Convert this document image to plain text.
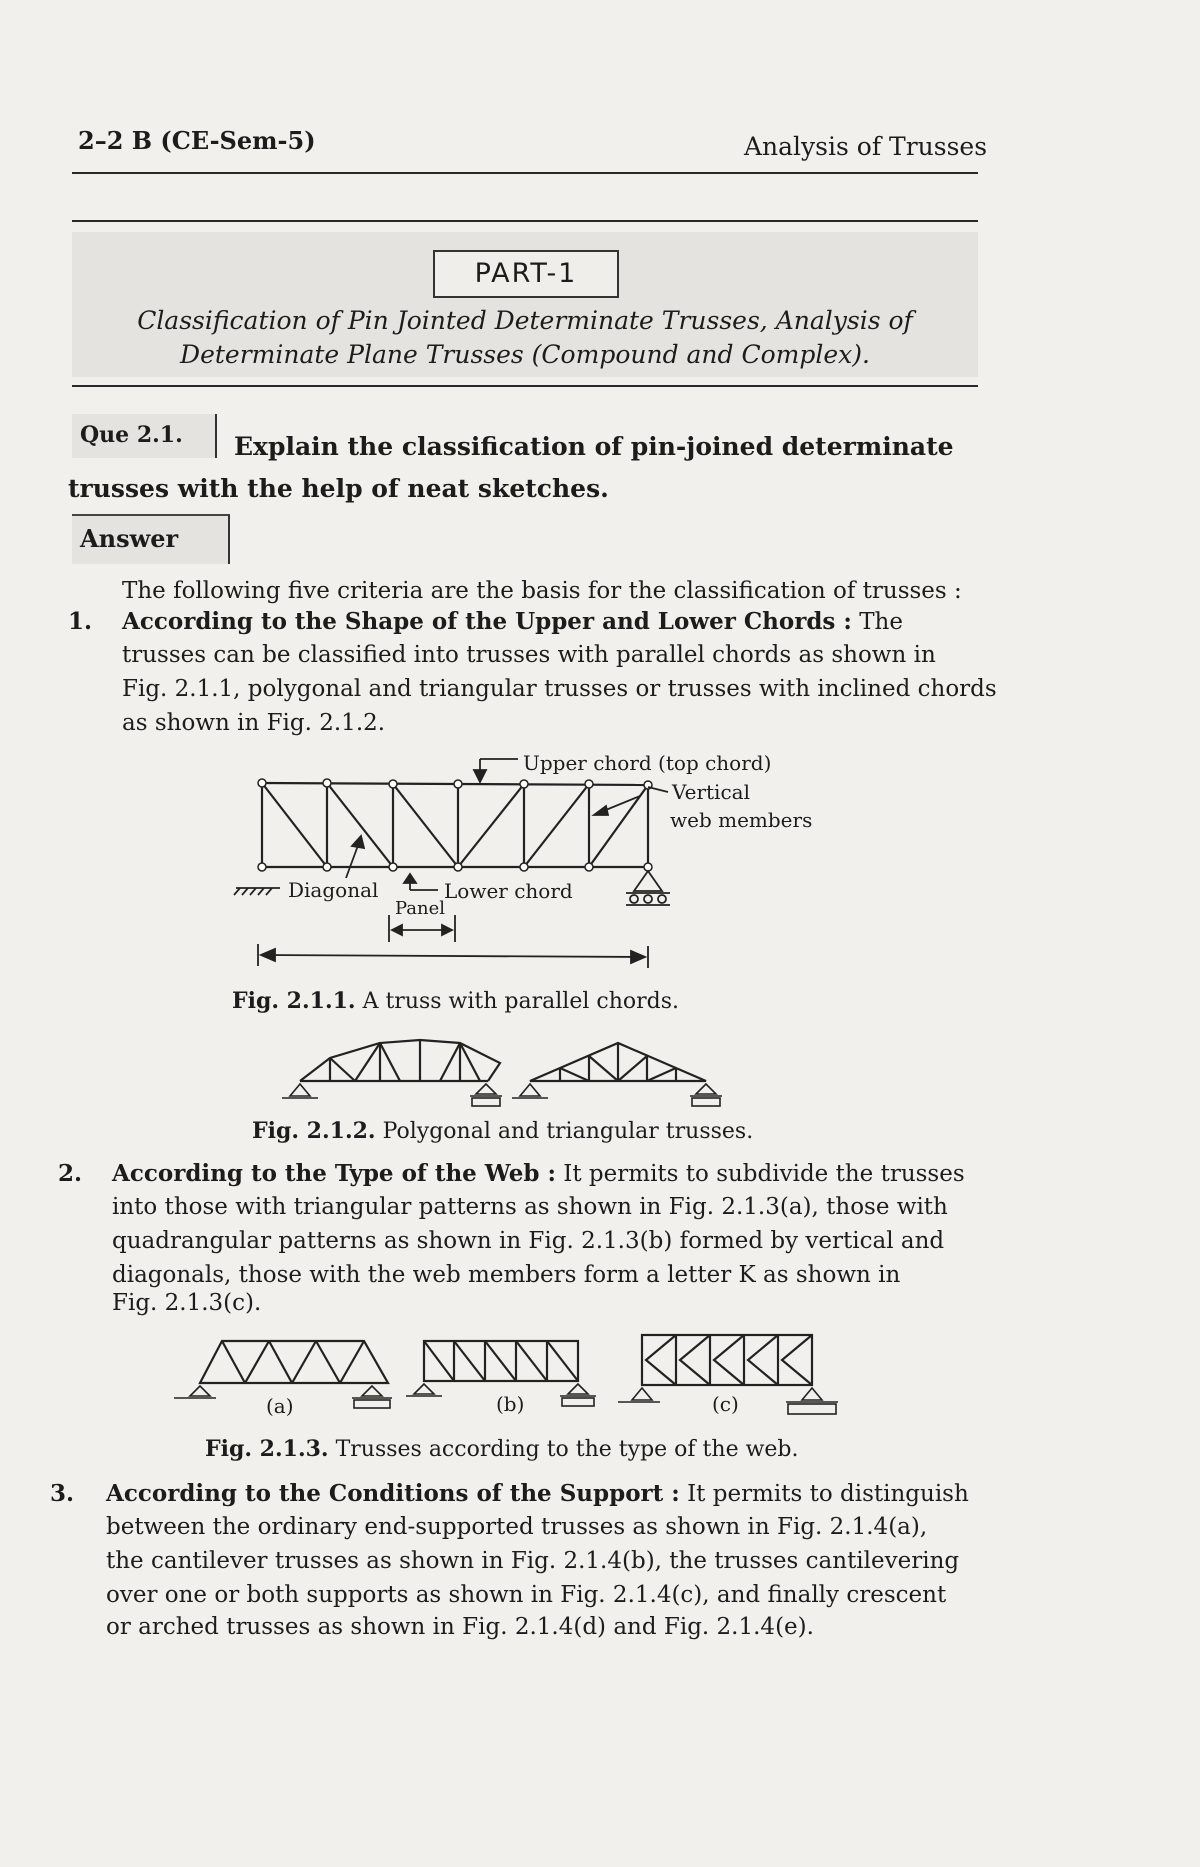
2–2 B (CE-Sem-5)	Analysis of Trusses
PART-1
Classification of Pin Jointed Determinate Trusses, Analysis of
Determinate Plane Trusses (Compound and Complex).
Que 2.1. Explain the classification of pin-joined determinate
trusses with the help of neat sketches.
Answer
The following five criteria are the basis for the classification of trusses :
1. According to the Shape of the Upper and Lower Chords : The
trusses can be classified into trusses with parallel chords as shown in
Fig. 2.1.1, polygonal and triangular trusses or trusses with inclined chords
as shown in Fig. 2.1.2.
Upper chord (top chord)
Vertical
web members
Diagonal	Lower chord
Panel
Fig. 2.1.1. A truss with parallel chords.
Fig. 2.1.2. Polygonal and triangular trusses.
2. According to the Type of the Web : It permits to subdivide the trusses
into those with triangular patterns as shown in Fig. 2.1.3(a), those with
quadrangular patterns as shown in Fig. 2.1.3(b) formed by vertical and
diagonals, those with the web members form a letter K as shown in
Fig. 2.1.3(c).
(a)	(b)	(c)
Fig. 2.1.3. Trusses according to the type of the web.
3. According to the Conditions of the Support : It permits to distinguish
between the ordinary end-supported trusses as shown in Fig. 2.1.4(a),
the cantilever trusses as shown in Fig. 2.1.4(b), the trusses cantilevering
over one or both supports as shown in Fig. 2.1.4(c), and finally crescent
or arched trusses as shown in Fig. 2.1.4(d) and Fig. 2.1.4(e).
